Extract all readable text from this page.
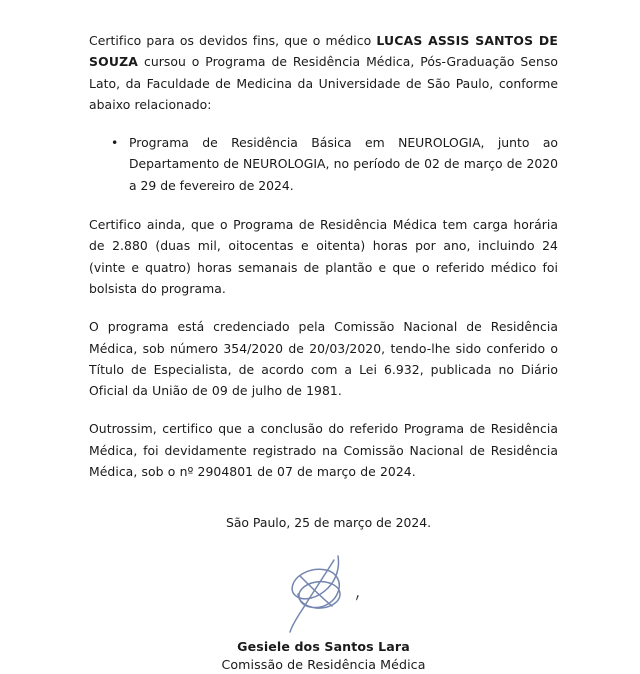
Certifico para os devidos fins, que o médico LUCAS ASSIS SANTOS DE SOUZA cursou o Programa de Residência Médica, Pós-Graduação Senso Lato, da Faculdade de Medicina da Universidade de São Paulo, conforme abaixo relacionado:

• Programa de Residência Básica em NEUROLOGIA, junto ao Departamento de NEUROLOGIA, no período de 02 de março de 2020 a 29 de fevereiro de 2024.

Certifico ainda, que o Programa de Residência Médica tem carga horária de 2.880 (duas mil, oitocentas e oitenta) horas por ano, incluindo 24 (vinte e quatro) horas semanais de plantão e que o referido médico foi bolsista do programa.

O programa está credenciado pela Comissão Nacional de Residência Médica, sob número 354/2020 de 20/03/2020, tendo-lhe sido conferido o Título de Especialista, de acordo com a Lei 6.932, publicada no Diário Oficial da União de 09 de julho de 1981.

Outrossim, certifico que a conclusão do referido Programa de Residência Médica, foi devidamente registrado na Comissão Nacional de Residência Médica, sob o nº 2904801 de 07 de março de 2024.

São Paulo, 25 de março de 2024.

Gesiele dos Santos Lara

Comissão de Residência Médica
